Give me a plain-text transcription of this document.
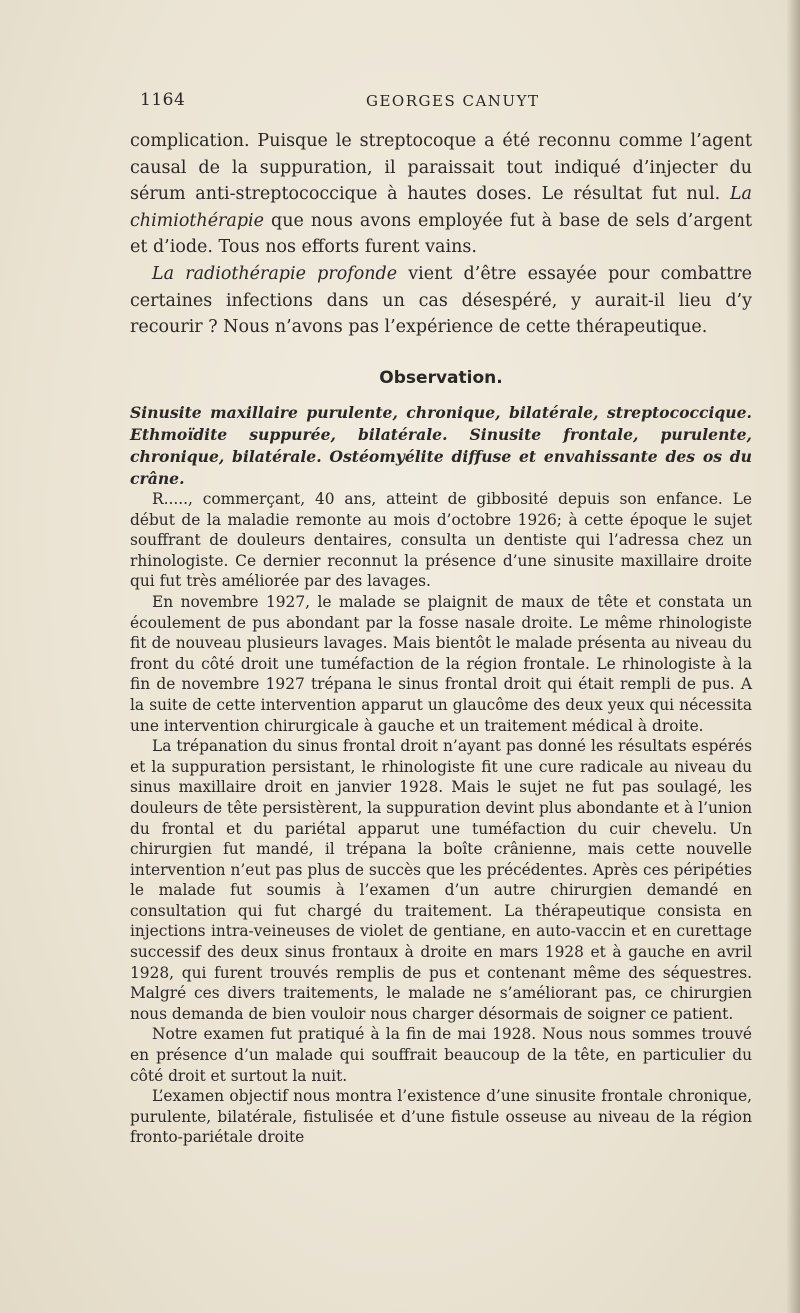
1164	GEORGES CANUYT

complication. Puisque le streptocoque a été reconnu comme l’agent causal de la suppuration, il paraissait tout indiqué d’injecter du sérum anti-streptococcique à hautes doses. Le résultat fut nul. La chimiothérapie que nous avons employée fut à base de sels d’argent et d’iode. Tous nos efforts furent vains.

La radiothérapie profonde vient d’être essayée pour combattre certaines infections dans un cas désespéré, y aurait-il lieu d’y recourir ? Nous n’avons pas l’expérience de cette thérapeutique.

Observation.

Sinusite maxillaire purulente, chronique, bilatérale, streptococcique. Ethmoïdite suppurée, bilatérale. Sinusite frontale, purulente, chronique, bilatérale. Ostéomyélite diffuse et envahissante des os du crâne.

R....., commerçant, 40 ans, atteint de gibbosité depuis son enfance. Le début de la maladie remonte au mois d’octobre 1926; à cette époque le sujet souffrant de douleurs dentaires, consulta un dentiste qui l’adressa chez un rhinologiste. Ce dernier reconnut la présence d’une sinusite maxillaire droite qui fut très améliorée par des lavages.

En novembre 1927, le malade se plaignit de maux de tête et constata un écoulement de pus abondant par la fosse nasale droite. Le même rhinologiste fit de nouveau plusieurs lavages. Mais bientôt le malade présenta au niveau du front du côté droit une tuméfaction de la région frontale. Le rhinologiste à la fin de novembre 1927 trépana le sinus frontal droit qui était rempli de pus. A la suite de cette intervention apparut un glaucôme des deux yeux qui nécessita une intervention chirurgicale à gauche et un traitement médical à droite.

La trépanation du sinus frontal droit n’ayant pas donné les résultats espérés et la suppuration persistant, le rhinologiste fit une cure radicale au niveau du sinus maxillaire droit en janvier 1928. Mais le sujet ne fut pas soulagé, les douleurs de tête persistèrent, la suppuration devint plus abondante et à l’union du frontal et du pariétal apparut une tuméfaction du cuir chevelu. Un chirurgien fut mandé, il trépana la boîte crânienne, mais cette nouvelle intervention n’eut pas plus de succès que les précédentes. Après ces péripéties le malade fut soumis à l’examen d’un autre chirurgien demandé en consultation qui fut chargé du traitement. La thérapeutique consista en injections intra-veineuses de violet de gentiane, en auto-vaccin et en curettage successif des deux sinus frontaux à droite en mars 1928 et à gauche en avril 1928, qui furent trouvés remplis de pus et contenant même des séquestres. Malgré ces divers traitements, le malade ne s’améliorant pas, ce chirurgien nous demanda de bien vouloir nous charger désormais de soigner ce patient.

Notre examen fut pratiqué à la fin de mai 1928. Nous nous sommes trouvé en présence d’un malade qui souffrait beaucoup de la tête, en particulier du côté droit et surtout la nuit.

L’examen objectif nous montra l’existence d’une sinusite frontale chronique, purulente, bilatérale, fistulisée et d’une fistule osseuse au niveau de la région fronto-pariétale droite
